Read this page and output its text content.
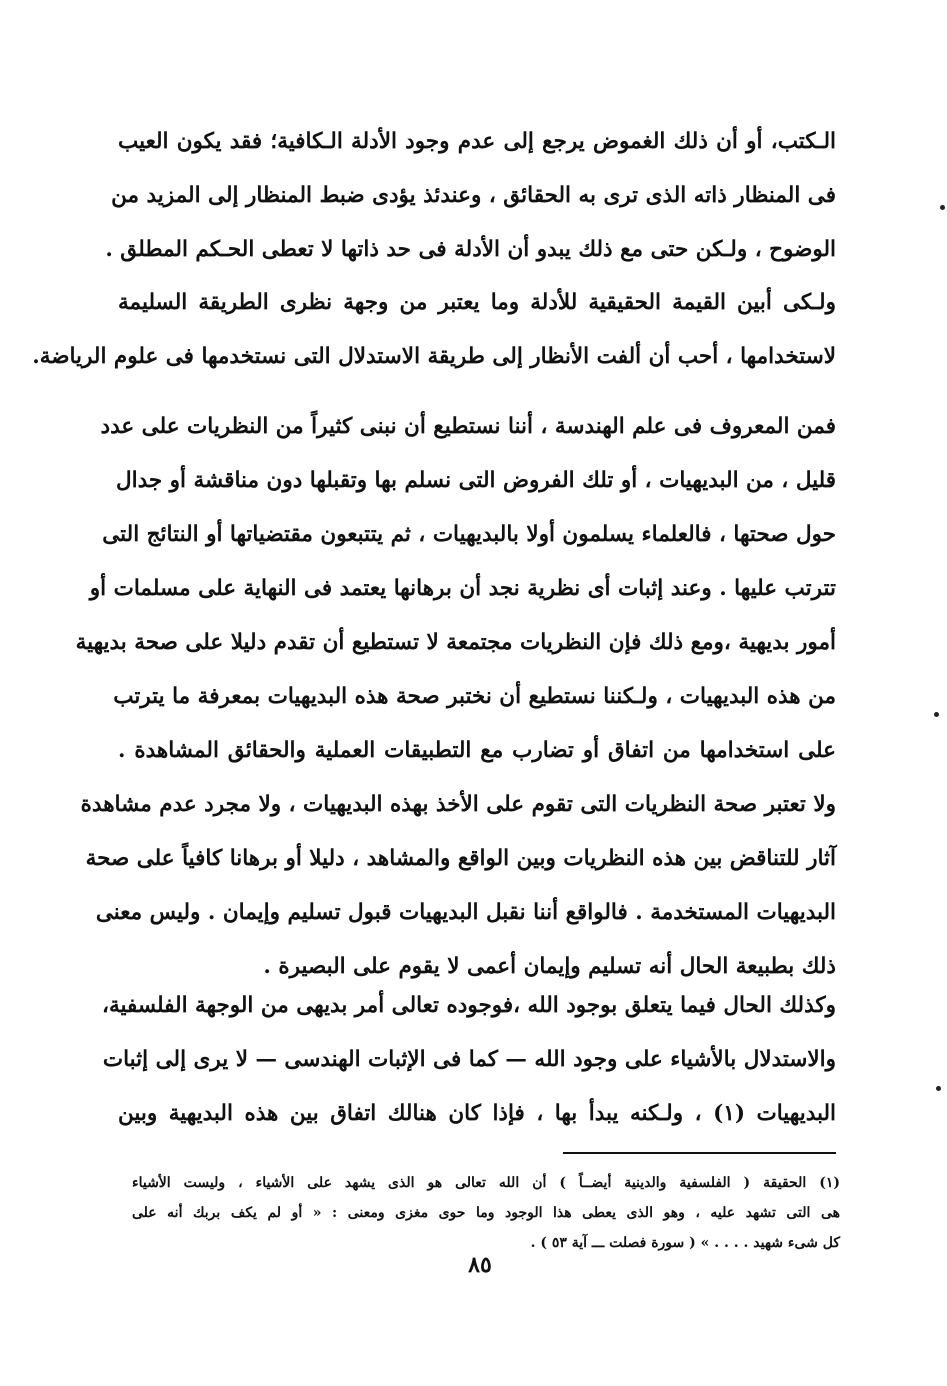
الـكتب، أو أن ذلك الغموض يرجع إلى عدم وجود الأدلة الـكافية؛ فقد يكون العيب
فى المنظار ذاته الذى ترى به الحقائق ، وعندئذ يؤدى ضبط المنظار إلى المزيد من
الوضوح ، ولـكن حتى مع ذلك يبدو أن الأدلة فى حد ذاتها لا تعطى الحـكم المطلق .
ولـكى أبين القيمة الحقيقية للأدلة وما يعتبر من وجهة نظرى الطريقة السليمة
لاستخدامها ، أحب أن ألفت الأنظار إلى طريقة الاستدلال التى نستخدمها فى علوم الرياضة.
فمن المعروف فى علم الهندسة ، أننا نستطيع أن نبنى كثيراً من النظريات على عدد
قليل ، من البديهيات ، أو تلك الفروض التى نسلم بها وتقبلها دون مناقشة أو جدال
حول صحتها ، فالعلماء يسلمون أولا بالبديهيات ، ثم يتتبعون مقتضياتها أو النتائج التى
تترتب عليها . وعند إثبات أى نظرية نجد أن برهانها يعتمد فى النهاية على مسلمات أو
أمور بديهية ،ومع ذلك فإن النظريات مجتمعة لا تستطيع أن تقدم دليلا على صحة بديهية
من هذه البديهيات ، ولـكننا نستطيع أن نختبر صحة هذه البديهيات بمعرفة ما يترتب
على استخدامها من اتفاق أو تضارب مع التطبيقات العملية والحقائق المشاهدة .
ولا تعتبر صحة النظريات التى تقوم على الأخذ بهذه البديهيات ، ولا مجرد عدم مشاهدة
آثار للتناقض بين هذه النظريات وبين الواقع والمشاهد ، دليلا أو برهانا كافياً على صحة
البديهيات المستخدمة . فالواقع أننا نقبل البديهيات قبول تسليم وإيمان . وليس معنى
ذلك بطبيعة الحال أنه تسليم وإيمان أعمى لا يقوم على البصيرة .
وكذلك الحال فيما يتعلق بوجود الله ،فوجوده تعالى أمر بديهى من الوجهة الفلسفية،
والاستدلال بالأشياء على وجود الله — كما فى الإثبات الهندسى — لا يرى إلى إثبات
البديهيات (١) ، ولـكنه يبدأ بها ، فإذا كان هنالك اتفاق بين هذه البديهية وبين
(١) الحقيقة ( الفلسفية والدينية أيضــاً ) أن الله تعالى هو الذى يشهد على الأشياء ، وليست الأشياء
هى التى تشهد عليه ، وهو الذى يعطى هذا الوجود وما حوى مغزى ومعنى : « أو لم يكف بربك أنه على
كل شىء شهيد . . . . » ( سورة فصلت ـــ آية ٥٣ ) .
٨٥
